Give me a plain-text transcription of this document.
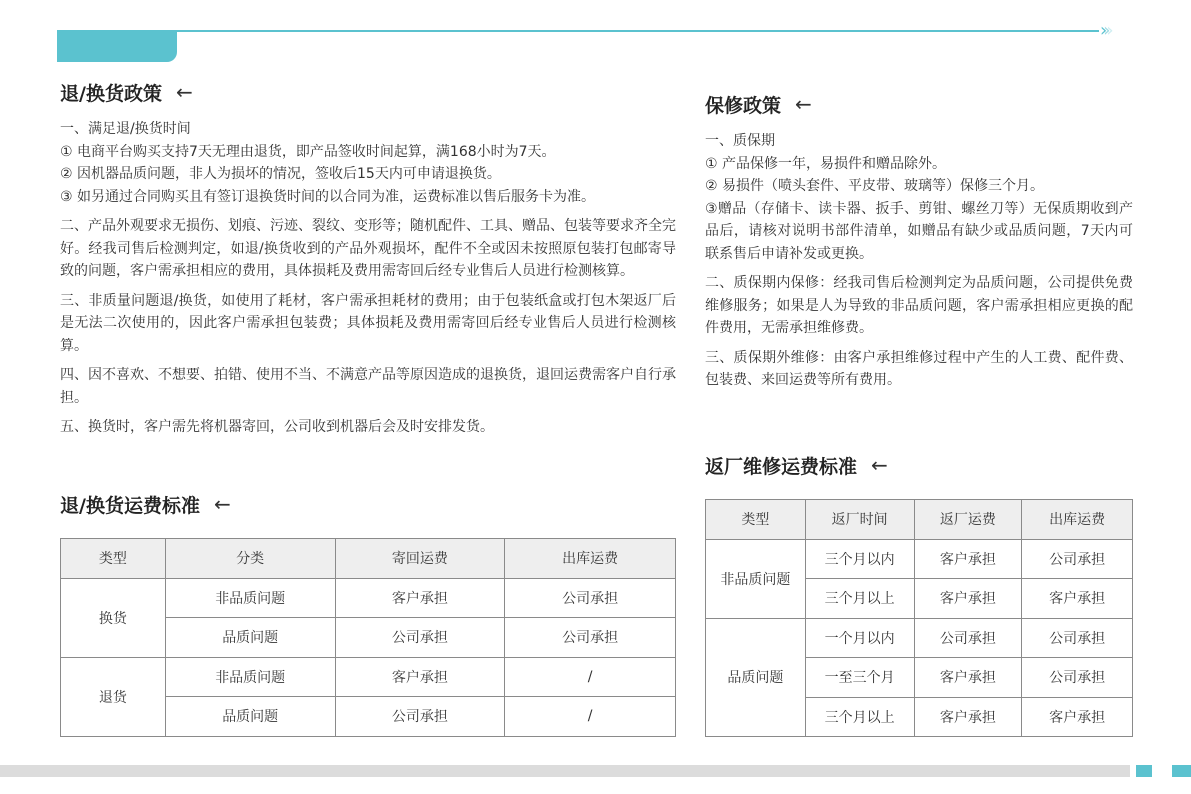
›››
退/换货政策 ←

一、满足退/换货时间

① 电商平台购买支持7天无理由退货，即产品签收时间起算，满168小时为7天。

② 因机器品质问题，非人为损坏的情况，签收后15天内可申请退换货。

③ 如另通过合同购买且有签订退换货时间的以合同为准，运费标准以售后服务卡为准。

二、产品外观要求无损伤、划痕、污迹、裂纹、变形等；随机配件、工具、赠品、包装等要求齐全完好。经我司售后检测判定，如退/换货收到的产品外观损坏，配件不全或因未按照原包装打包邮寄导致的问题，客户需承担相应的费用，具体损耗及费用需寄回后经专业售后人员进行检测核算。

三、非质量问题退/换货，如使用了耗材，客户需承担耗材的费用；由于包装纸盒或打包木架返厂后是无法二次使用的，因此客户需承担包装费；具体损耗及费用需寄回后经专业售后人员进行检测核算。

四、因不喜欢、不想要、拍错、使用不当、不满意产品等原因造成的退换货，退回运费需客户自行承担。

五、换货时，客户需先将机器寄回，公司收到机器后会及时安排发货。

退/换货运费标准 ←
类型	分类	寄回运费	出库运费
换货	非品质问题	客户承担	公司承担
	品质问题	公司承担	公司承担
退货	非品质问题	客户承担	/
	品质问题	公司承担	/
保修政策 ←

一、质保期

① 产品保修一年，易损件和赠品除外。

② 易损件（喷头套件、平皮带、玻璃等）保修三个月。

③赠品（存储卡、读卡器、扳手、剪钳、螺丝刀等）无保质期收到产品后，请核对说明书部件清单，如赠品有缺少或品质问题，7天内可联系售后申请补发或更换。

二、质保期内保修：经我司售后检测判定为品质问题，公司提供免费维修服务；如果是人为导致的非品质问题，客户需承担相应更换的配件费用，无需承担维修费。

三、质保期外维修：由客户承担维修过程中产生的人工费、配件费、包装费、来回运费等所有费用。

返厂维修运费标准 ←
类型	返厂时间	返厂运费	出库运费
非品质问题	三个月以内	客户承担	公司承担
	三个月以上	客户承担	客户承担
品质问题	一个月以内	公司承担	公司承担
	一至三个月	客户承担	公司承担
	三个月以上	客户承担	客户承担
